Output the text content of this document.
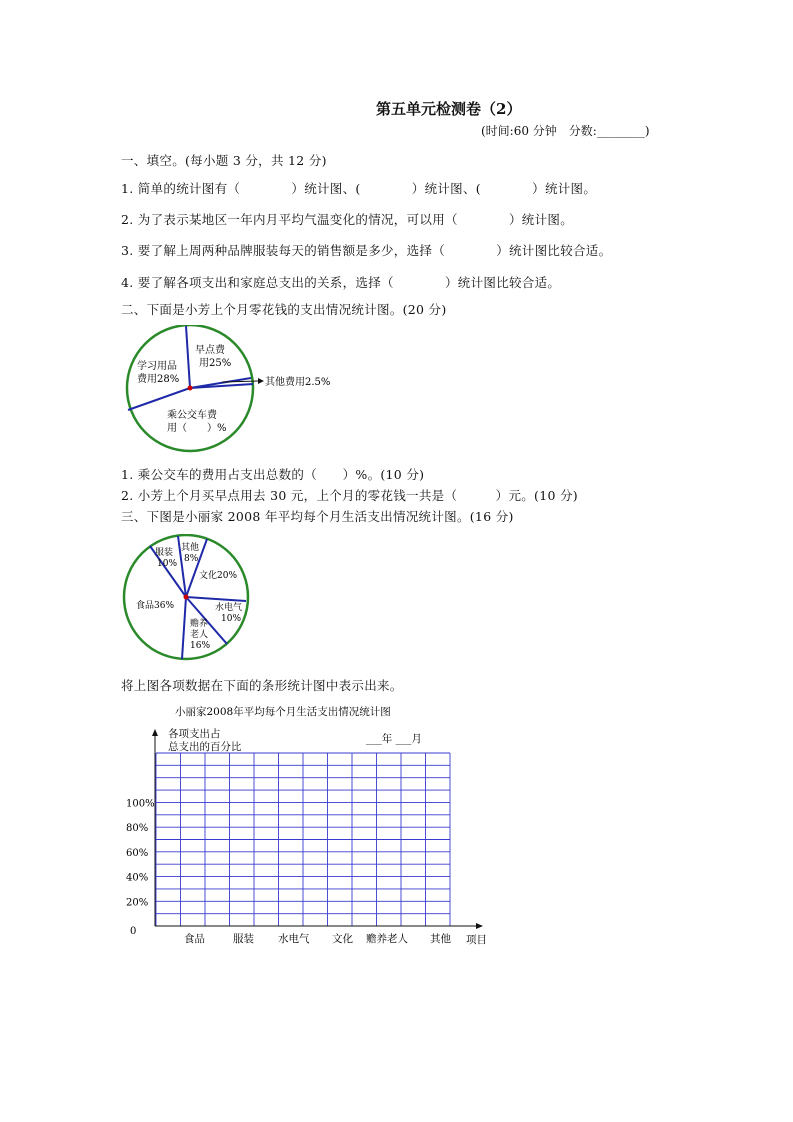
第五单元检测卷（2）
(时间:60 分钟　分数:________)
一、填空。(每小题 3 分，共 12 分)
1. 简单的统计图有（　　　　）统计图、(　　　　）统计图、(　　　　）统计图。
2. 为了表示某地区一年内月平均气温变化的情况，可以用（　　　　）统计图。
3. 要了解上周两种品牌服装每天的销售额是多少，选择（　　　　）统计图比较合适。
4. 要了解各项支出和家庭总支出的关系，选择（　　　　）统计图比较合适。
二、下面是小芳上个月零花钱的支出情况统计图。(20 分)
早点费
用25%
学习用品
费用28%
乘公交车费
用（　　）%
其他费用2.5%
1. 乘公交车的费用占支出总数的（　　）%。(10 分)
2. 小芳上个月买早点用去 30 元，上个月的零花钱一共是（　　　）元。(10 分)
三、下图是小丽家 2008 年平均每个月生活支出情况统计图。(16 分)
服装
10%
其他
8%
文化20%
食品36%	水电气
10%
赡养
老人
16%
将上图各项数据在下面的条形统计图中表示出来。
小丽家2008年平均每个月生活支出情况统计图
各项支出占
总支出的百分比
___年 ___月
0
20%
40%
60%
80%
100%
食品	服装 水电气 文化 赡养老人 其他 项目
